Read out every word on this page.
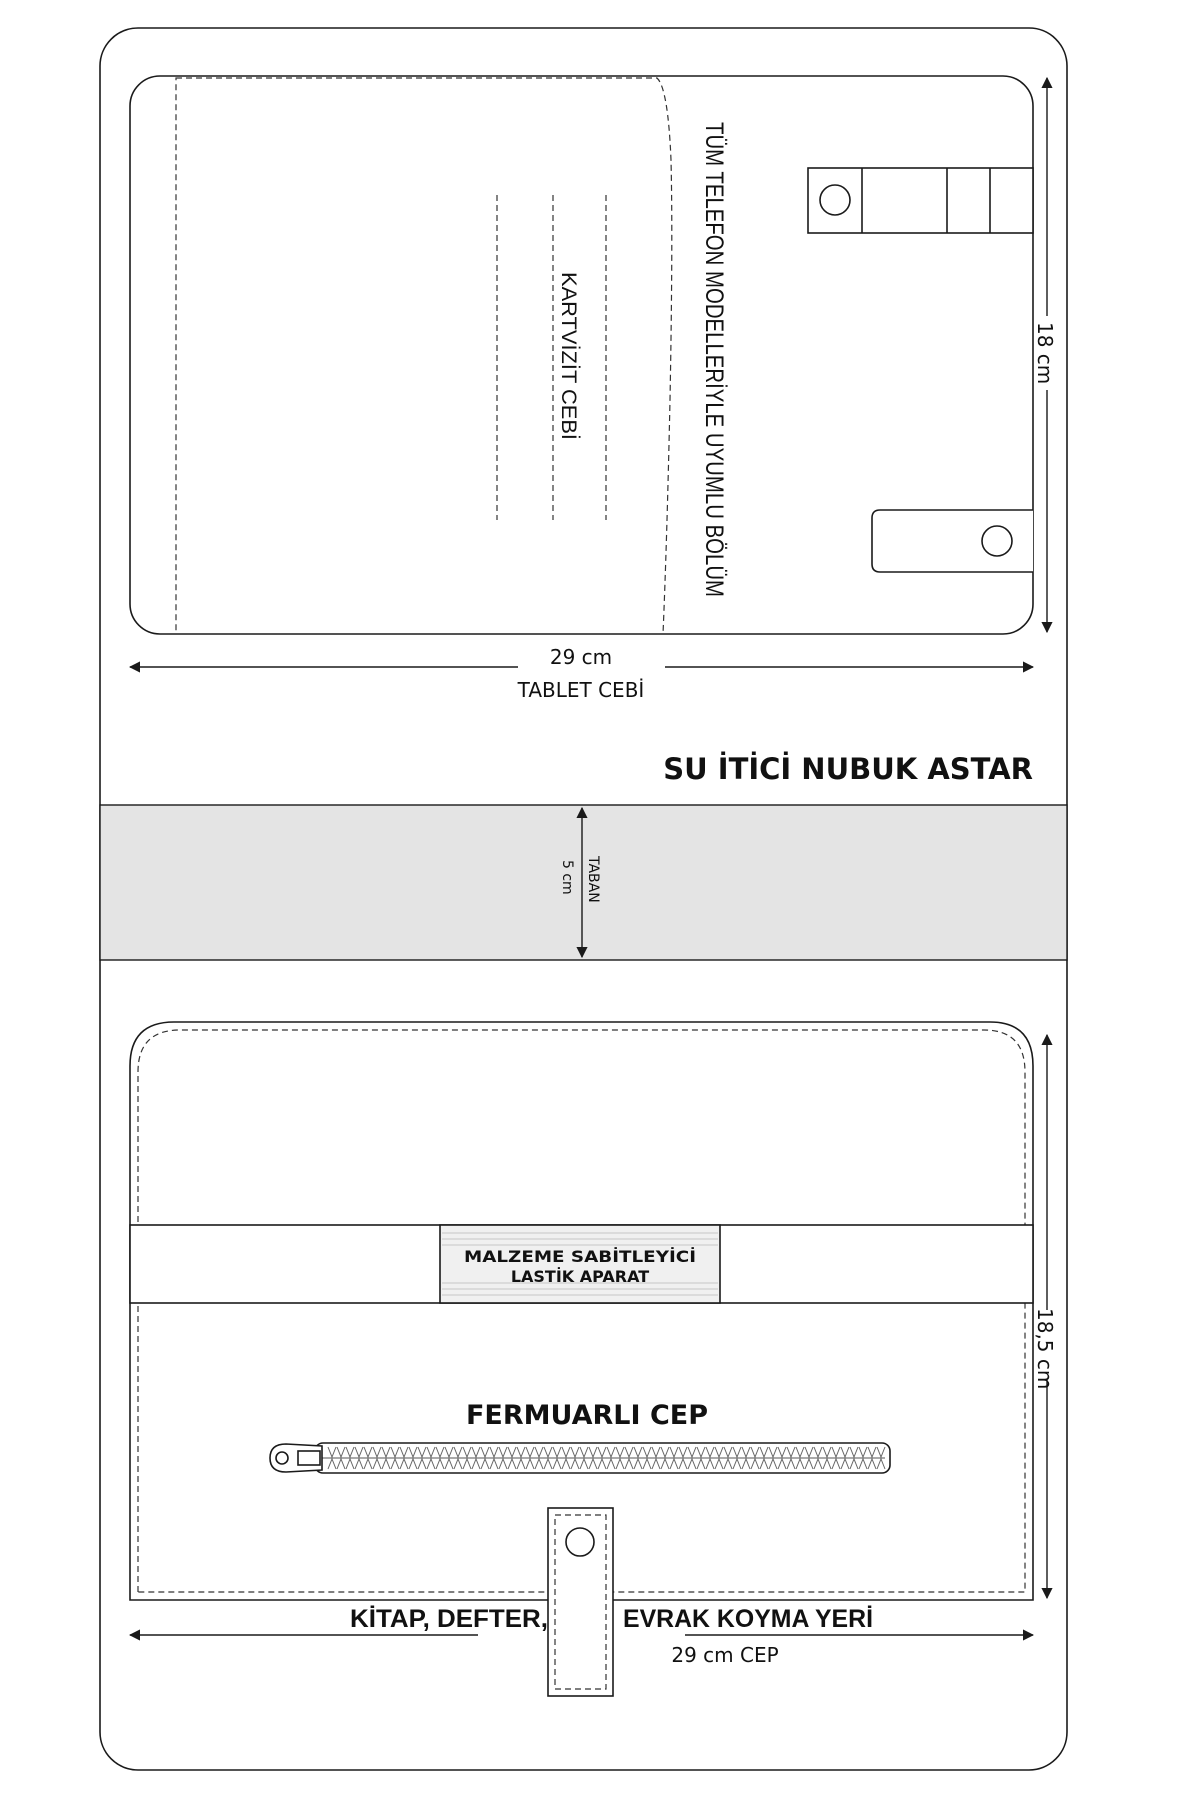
TÜM TELEFON MODELLERİYLE UYUMLU BÖLÜM
KARTVİZİT CEBİ	18 cm
29 cm
TABLET CEBİ
SU İTİCİ NUBUK ASTAR
TABAN
5 cm
MALZEME SABİTLEYİCİ
LASTİK APARAT
FERMUARLI CEP
18,5 cm
KİTAP, DEFTER,	EVRAK KOYMA YERİ
29 cm CEP
